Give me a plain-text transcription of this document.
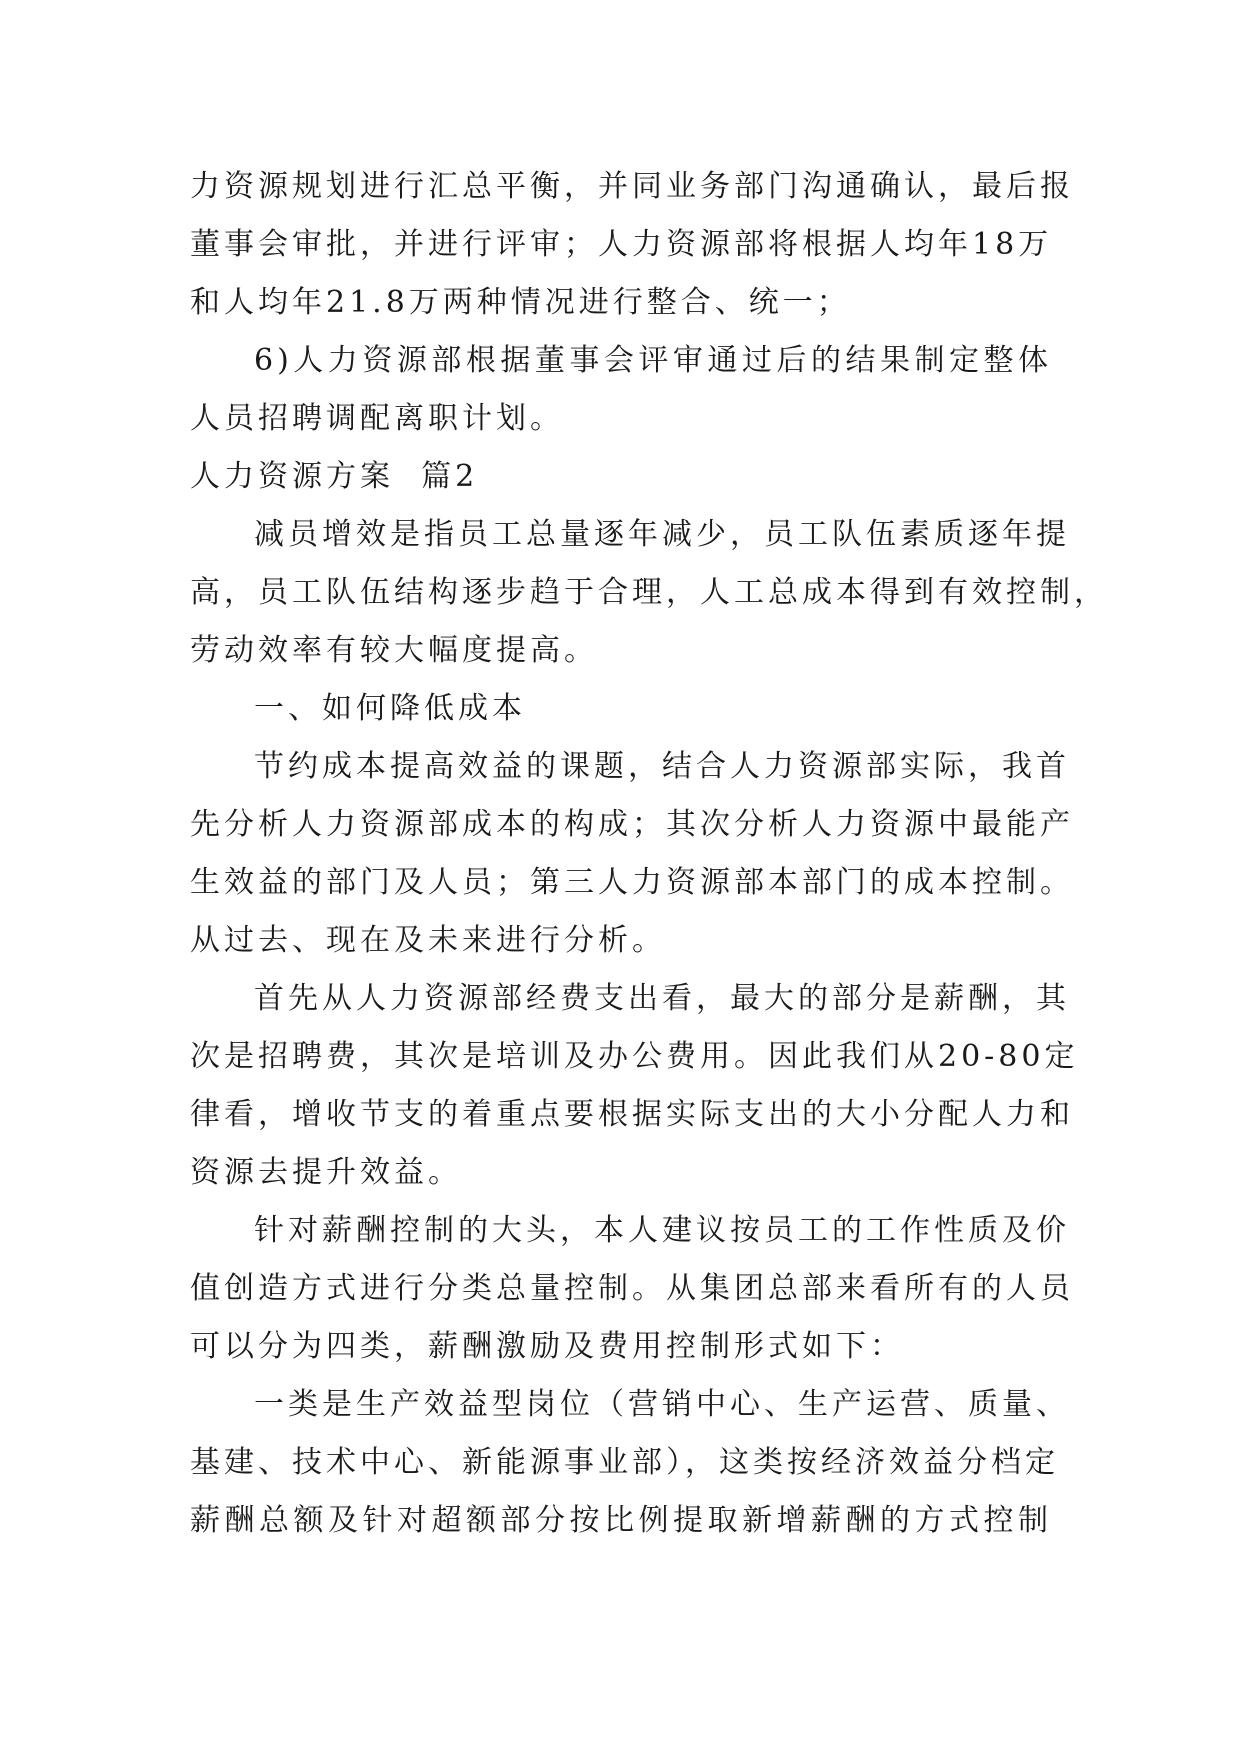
力资源规划进行汇总平衡，并同业务部门沟通确认，最后报
董事会审批，并进行评审；人力资源部将根据人均年18万
和人均年21.8万两种情况进行整合、统一；
6)人力资源部根据董事会评审通过后的结果制定整体
人员招聘调配离职计划。
人力资源方案  篇2
减员增效是指员工总量逐年减少，员工队伍素质逐年提
高，员工队伍结构逐步趋于合理，人工总成本得到有效控制，
劳动效率有较大幅度提高。
一、如何降低成本
节约成本提高效益的课题，结合人力资源部实际，我首
先分析人力资源部成本的构成；其次分析人力资源中最能产
生效益的部门及人员；第三人力资源部本部门的成本控制。
从过去、现在及未来进行分析。
首先从人力资源部经费支出看，最大的部分是薪酬，其
次是招聘费，其次是培训及办公费用。因此我们从20-80定
律看，增收节支的着重点要根据实际支出的大小分配人力和
资源去提升效益。
针对薪酬控制的大头，本人建议按员工的工作性质及价
值创造方式进行分类总量控制。从集团总部来看所有的人员
可以分为四类，薪酬激励及费用控制形式如下：
一类是生产效益型岗位（营销中心、生产运营、质量、
基建、技术中心、新能源事业部），这类按经济效益分档定
薪酬总额及针对超额部分按比例提取新增薪酬的方式控制
